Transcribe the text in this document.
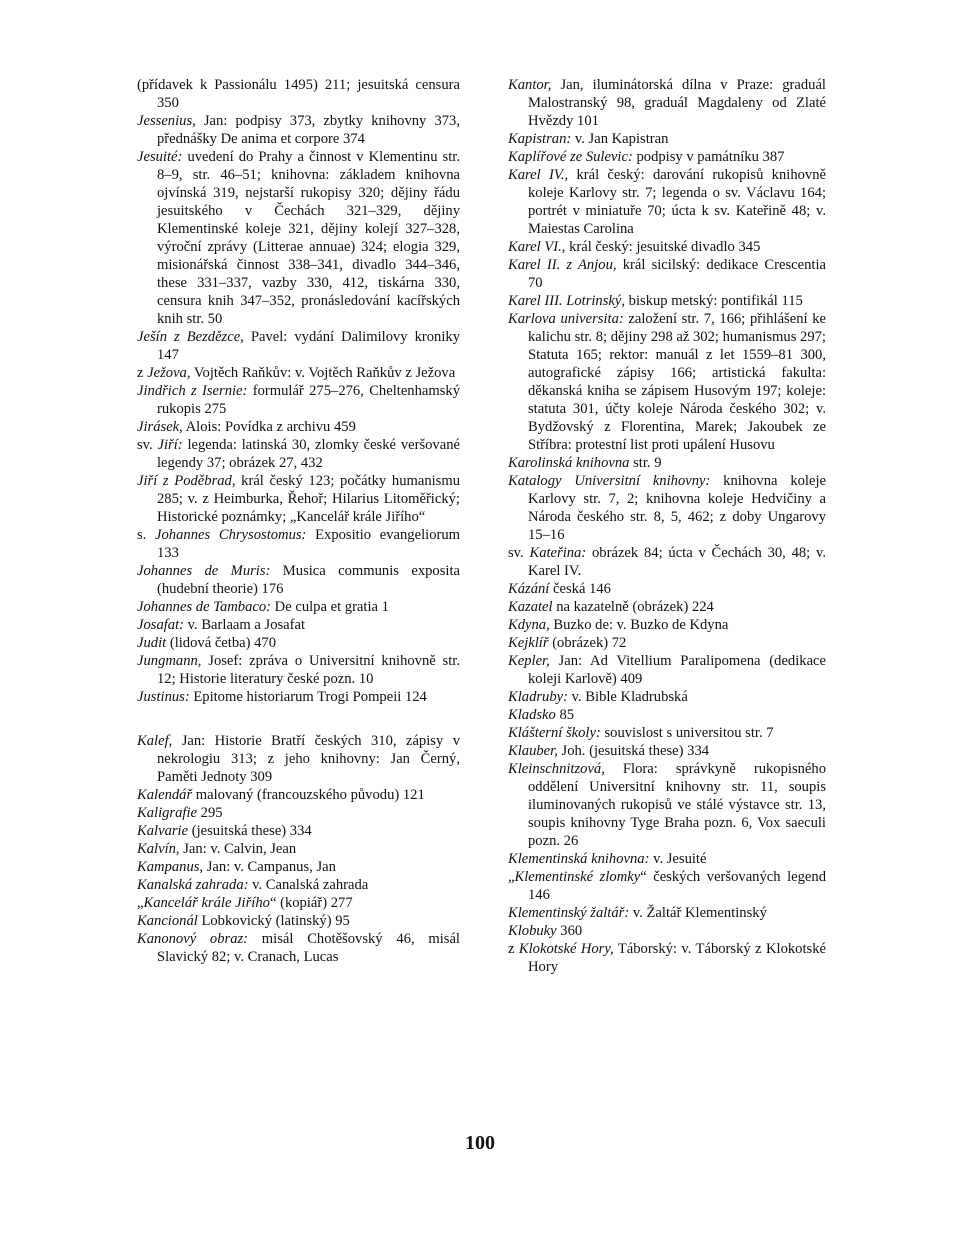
(přídavek k Passionálu 1495) 211; jesuitská censura 350

Jessenius, Jan: podpisy 373, zbytky knihovny 373, přednášky De anima et corpore 374

Jesuité: uvedení do Prahy a činnost v Klementinu str. 8–9, str. 46–51; knihovna: základem knihovna ojvínská 319, nejstarší rukopisy 320; dějiny řádu jesuitského v Čechách 321–329, dějiny Klementinské koleje 321, dějiny kolejí 327–328, výroční zprávy (Litterae annuae) 324; elogia 329, misionářská činnost 338–341, divadlo 344–346, these 331–337, vazby 330, 412, tiskárna 330, censura knih 347–352, pronásledování kacířských knih str. 50

Ješín z Bezdězce, Pavel: vydání Dalimilovy kroniky 147

z Ježova, Vojtěch Raňkův: v. Vojtěch Raňkův z Ježova

Jindřich z Isernie: formulář 275–276, Cheltenhamský rukopis 275

Jirásek, Alois: Povídka z archivu 459

sv. Jiří: legenda: latinská 30, zlomky české veršované legendy 37; obrázek 27, 432

Jiří z Poděbrad, král český 123; počátky humanismu 285; v. z Heimburka, Řehoř; Hilarius Litoměřický; Historické poznámky; „Kancelář krále Jiřího“

s. Johannes Chrysostomus: Expositio evangeliorum 133

Johannes de Muris: Musica communis exposita (hudební theorie) 176

Johannes de Tambaco: De culpa et gratia 1

Josafat: v. Barlaam a Josafat

Judit (lidová četba) 470

Jungmann, Josef: zpráva o Universitní knihovně str. 12; Historie literatury české pozn. 10

Justinus: Epitome historiarum Trogi Pompeii 124

Kalef, Jan: Historie Bratří českých 310, zápisy v nekrologiu 313; z jeho knihovny: Jan Černý, Paměti Jednoty 309

Kalendář malovaný (francouzského původu) 121

Kaligrafie 295

Kalvarie (jesuitská these) 334

Kalvín, Jan: v. Calvin, Jean

Kampanus, Jan: v. Campanus, Jan

Kanalská zahrada: v. Canalská zahrada

„Kancelář krále Jiřího“ (kopiář) 277

Kancionál Lobkovický (latinský) 95

Kanonový obraz: misál Chotěšovský 46, misál Slavický 82; v. Cranach, Lucas

Kantor, Jan, iluminátorská dílna v Praze: graduál Malostranský 98, graduál Magdaleny od Zlaté Hvězdy 101

Kapistran: v. Jan Kapistran

Kaplířové ze Sulevic: podpisy v památníku 387

Karel IV., král český: darování rukopisů knihovně koleje Karlovy str. 7; legenda o sv. Václavu 164; portrét v miniatuře 70; úcta k sv. Kateřině 48; v. Maiestas Carolina

Karel VI., král český: jesuitské divadlo 345

Karel II. z Anjou, král sicilský: dedikace Crescentia 70

Karel III. Lotrinský, biskup metský: pontifikál 115

Karlova universita: založení str. 7, 166; přihlášení ke kalichu str. 8; dějiny 298 až 302; humanismus 297; Statuta 165; rektor: manuál z let 1559–81 300, autografické zápisy 166; artistická fakulta: děkanská kniha se zápisem Husovým 197; koleje: statuta 301, účty koleje Národa českého 302; v. Bydžovský z Florentina, Marek; Jakoubek ze Stříbra: protestní list proti upálení Husovu

Karolinská knihovna str. 9

Katalogy Universitní knihovny: knihovna koleje Karlovy str. 7, 2; knihovna koleje Hedvičiny a Národa českého str. 8, 5, 462; z doby Ungarovy 15–16

sv. Kateřina: obrázek 84; úcta v Čechách 30, 48; v. Karel IV.

Kázání česká 146

Kazatel na kazatelně (obrázek) 224

Kdyna, Buzko de: v. Buzko de Kdyna

Kejklíř (obrázek) 72

Kepler, Jan: Ad Vitellium Paralipomena (dedikace koleji Karlově) 409

Kladruby: v. Bible Kladrubská

Kladsko 85

Klášterní školy: souvislost s universitou str. 7

Klauber, Joh. (jesuitská these) 334

Kleinschnitzová, Flora: správkyně rukopisného oddělení Universitní knihovny str. 11, soupis iluminovaných rukopisů ve stálé výstavce str. 13, soupis knihovny Tyge Braha pozn. 6, Vox saeculi pozn. 26

Klementinská knihovna: v. Jesuité

„Klementinské zlomky“ českých veršovaných legend 146

Klementinský žaltář: v. Žaltář Klementinský

Klobuky 360

z Klokotské Hory, Táborský: v. Táborský z Klokotské Hory

100
